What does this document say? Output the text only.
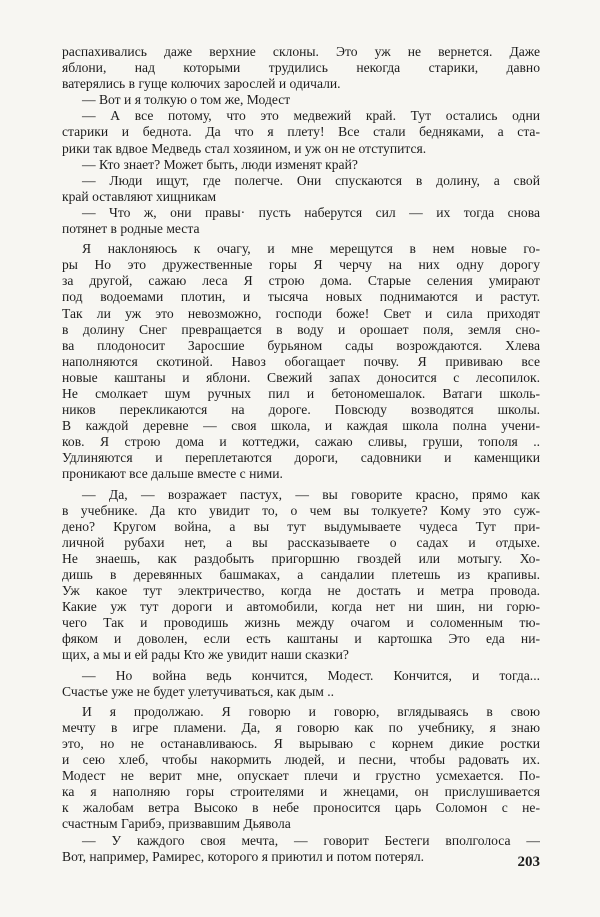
распахивались даже верхние склоны. Это уж не вернется. Даже
яблони, над которыми трудились некогда старики, давно
ватерялись в гуще колючих зарослей и одичали.
— Вот и я толкую о том же, Модест
— А все потому, что это медвежий край. Тут остались одни
старики и беднота. Да что я плету! Все стали бедняками, а ста-
рики так вдвое Медведь стал хозяином, и уж он не отступится.
— Кто знает? Может быть, люди изменят край?
— Люди ищут, где полегче. Они спускаются в долину, а свой
край оставляют хищникам
— Что ж, они правы· пусть наберутся сил — их тогда снова
потянет в родные места
Я наклоняюсь к очагу, и мне мерещутся в нем новые го-
ры Но это дружественные горы Я черчу на них одну дорогу
за другой, сажаю леса Я строю дома. Старые селения умирают
под водоемами плотин, и тысяча новых поднимаются и растут.
Так ли уж это невозможно, господи боже! Свет и сила приходят
в долину Снег превращается в воду и орошает поля, земля сно-
ва плодоносит Заросшие бурьяном сады возрождаются. Хлева
наполняются скотиной. Навоз обогащает почву. Я прививаю все
новые каштаны и яблони. Свежий запах доносится с лесопилок.
Не смолкает шум ручных пил и бетономешалок. Ватаги школь-
ников перекликаются на дороге. Повсюду возводятся школы.
В каждой деревне — своя школа, и каждая школа полна учени-
ков. Я строю дома и коттеджи, сажаю сливы, груши, тополя ..
Удлиняются и переплетаются дороги, садовники и каменщики
проникают все дальше вместе с ними.
— Да, — возражает пастух, — вы говорите красно, прямо как
в учебнике. Да кто увидит то, о чем вы толкуете? Кому это суж-
дено? Кругом война, а вы тут выдумываете чудеса Тут при-
личной рубахи нет, а вы рассказываете о садах и отдыхе.
Не знаешь, как раздобыть пригоршню гвоздей или мотыгу. Хо-
дишь в деревянных башмаках, а сандалии плетешь из крапивы.
Уж какое тут электричество, когда не достать и метра провода.
Какие уж тут дороги и автомобили, когда нет ни шин, ни горю-
чего Так и проводишь жизнь между очагом и соломенным тю-
фяком и доволен, если есть каштаны и картошка Это еда ни-
щих, а мы и ей рады Кто же увидит наши сказки?
— Но война ведь кончится, Модест. Кончится, и тогда...
Счастье уже не будет улетучиваться, как дым ..
И я продолжаю. Я говорю и говорю, вглядываясь в свою
мечту в игре пламени. Да, я говорю как по учебнику, я знаю
это, но не останавливаюсь. Я вырываю с корнем дикие ростки
и сею хлеб, чтобы накормить людей, и песни, чтобы радовать их.
Модест не верит мне, опускает плечи и грустно усмехается. По-
ка я наполняю горы строителями и жнецами, он прислушивается
к жалобам ветра Высоко в небе проносится царь Соломон с не-
счастным Гарибэ, призвавшим Дьявола
— У каждого своя мечта, — говорит Бестеги вполголоса —
Вот, например, Рамирес, которого я приютил и потом потерял.	203
